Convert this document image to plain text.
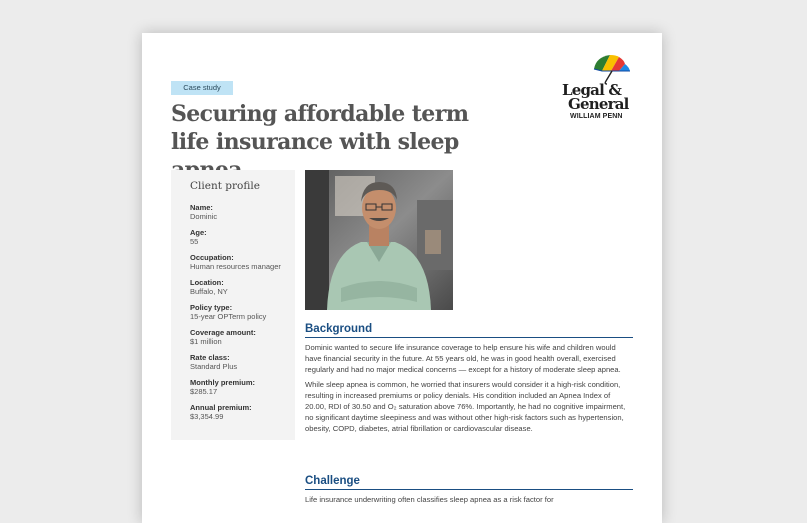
Case study
Securing affordable term life insurance with sleep
Legal &
General
WILLIAM PENN
Client profile
Name:
Dominic
Age:
55
Occupation:
Human resources manager
Location:
Buffalo, NY
Policy type:
15-year OPTerm policy
Coverage amount:
$1 million
Rate class:
Standard Plus
Monthly premium:
$285.17
Annual premium:
$3,354.99
Background

Dominic wanted to secure life insurance coverage to help ensure his wife and children would have financial security in the future. At 55 years old, he was in good health overall, exercised regularly and had no major medical concerns — except for a history of moderate sleep apnea.

While sleep apnea is common, he worried that insurers would consider it a high-risk condition, resulting in increased premiums or policy denials. His condition included an Apnea Index of 20.00, RDI of 30.50 and O₂ saturation above 76%. Importantly, he had no cognitive impairment, no significant daytime sleepiness and was without other high-risk factors such as hypertension, obesity, COPD, diabetes, atrial fibrillation or cardiovascular disease.

Challenge

Life insurance underwriting often classifies sleep apnea as a risk factor for
